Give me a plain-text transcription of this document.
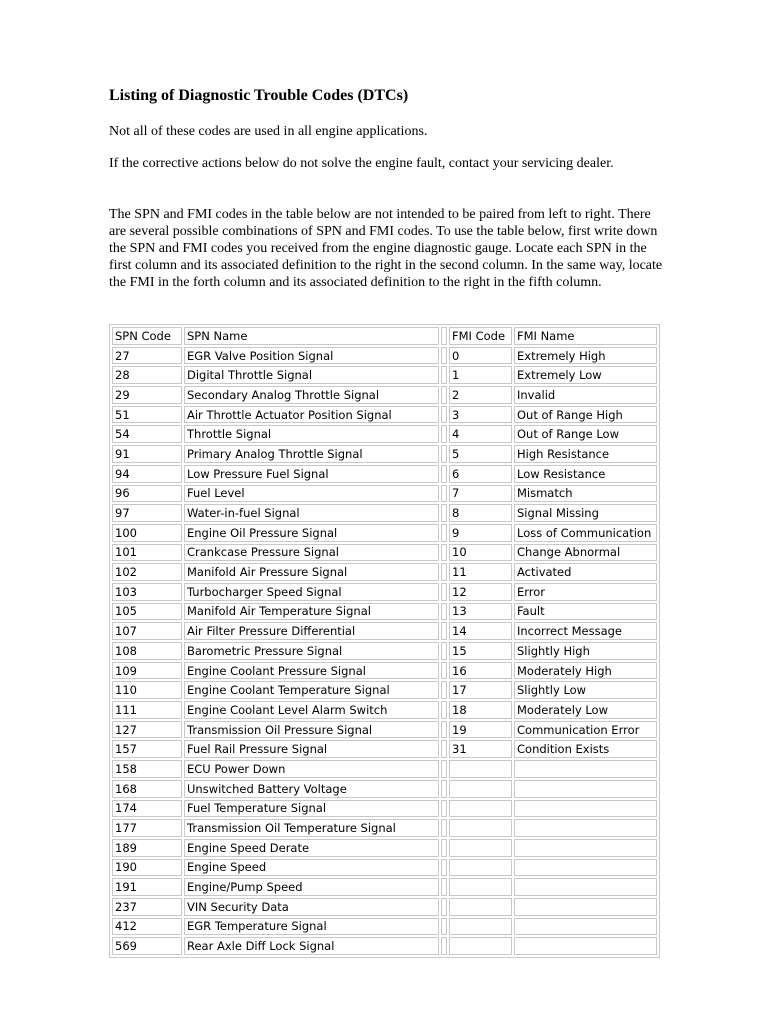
Listing of Diagnostic Trouble Codes (DTCs)

Not all of these codes are used in all engine applications.

If the corrective actions below do not solve the engine fault, contact your servicing dealer.

The SPN and FMI codes in the table below are not intended to be paired from left to right. There are several possible combinations of SPN and FMI codes. To use the table below, first write down the SPN and FMI codes you received from the engine diagnostic gauge. Locate each SPN in the first column and its associated definition to the right in the second column. In the same way, locate the FMI in the forth column and its associated definition to the right in the fifth column.

SPN Code	SPN Name		FMI Code	FMI Name
27	EGR Valve Position Signal		0	Extremely High
28	Digital Throttle Signal		1	Extremely Low
29	Secondary Analog Throttle Signal		2	Invalid
51	Air Throttle Actuator Position Signal		3	Out of Range High
54	Throttle Signal		4	Out of Range Low
91	Primary Analog Throttle Signal		5	High Resistance
94	Low Pressure Fuel Signal		6	Low Resistance
96	Fuel Level		7	Mismatch
97	Water-in-fuel Signal		8	Signal Missing
100	Engine Oil Pressure Signal		9	Loss of Communication
101	Crankcase Pressure Signal		10	Change Abnormal
102	Manifold Air Pressure Signal		11	Activated
103	Turbocharger Speed Signal		12	Error
105	Manifold Air Temperature Signal		13	Fault
107	Air Filter Pressure Differential		14	Incorrect Message
108	Barometric Pressure Signal		15	Slightly High
109	Engine Coolant Pressure Signal		16	Moderately High
110	Engine Coolant Temperature Signal		17	Slightly Low
111	Engine Coolant Level Alarm Switch		18	Moderately Low
127	Transmission Oil Pressure Signal		19	Communication Error
157	Fuel Rail Pressure Signal		31	Condition Exists
158	ECU Power Down			
168	Unswitched Battery Voltage			
174	Fuel Temperature Signal			
177	Transmission Oil Temperature Signal			
189	Engine Speed Derate			
190	Engine Speed			
191	Engine/Pump Speed			
237	VIN Security Data			
412	EGR Temperature Signal			
569	Rear Axle Diff Lock Signal			
